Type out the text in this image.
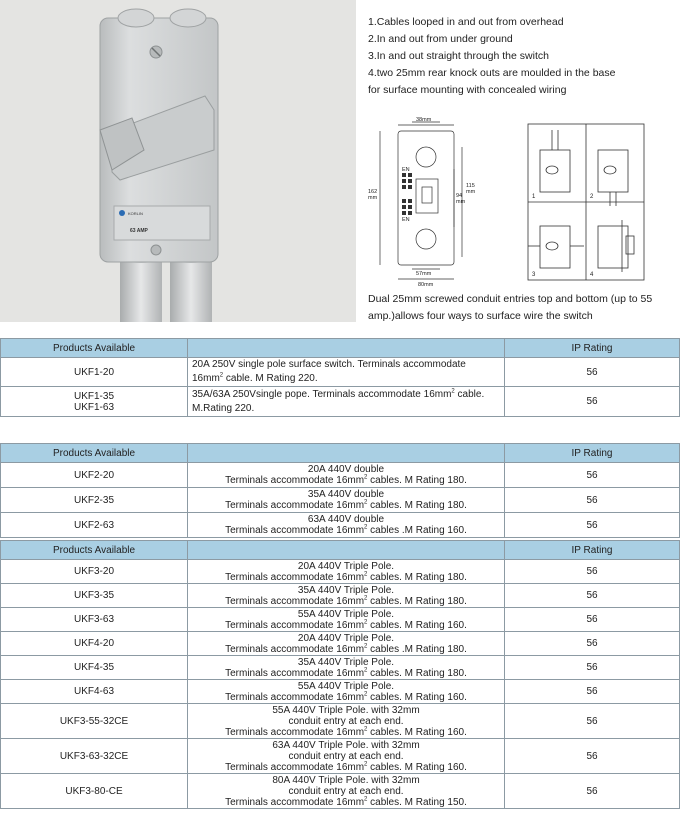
KORLIN
63 AMP
1.Cables looped in and out from overhead
2.In and out from under ground
3.In and out straight through the switch
4.two 25mm rear knock outs are moulded in the base
for surface mounting with concealed wiring
38mm
162
mm
115
mm
94
mm
EN
EN
57mm
80mm
1	2
3	4
Dual 25mm screwed conduit entries top and bottom (up to 55 amp.)allows four ways to surface wire the switch
Products Available		IP Rating
UKF1-20	20A 250V single pole surface switch. Terminals accommodate
$16mm^2$ cable. M Rating 220.	56
UKF1-35
UKF1-63	35A/63A 250Vsingle pope. Terminals accommodate $16mm^2$ cable.
M.Rating 220.	56
Products Available		IP Rating
UKF2-20	20A 440V double
Terminals accommodate $16mm^2$ cables. M Rating 180.	56
UKF2-35	35A 440V double
Terminals accommodate $16mm^2$ cables. M Rating 180.	56
UKF2-63	63A 440V double
Terminals accommodate $16mm^2$ cables .M Rating 160.	56
Products Available		IP Rating
UKF3-20	20A 440V Triple Pole.
Terminals accommodate $16mm^2$ cables. M Rating 180.	56
UKF3-35	35A 440V Triple Pole.
Terminals accommodate $16mm^2$ cables. M Rating 180.	56
UKF3-63	55A 440V Triple Pole.
Terminals accommodate $16mm^2$ cables. M Rating 160.	56
UKF4-20	20A 440V Triple Pole.
Terminals accommodate $16mm^2$ cables .M Rating 180.	56
UKF4-35	35A 440V Triple Pole.
Terminals accommodate $16mm^2$ cables. M Rating 180.	56
UKF4-63	55A 440V Triple Pole.
Terminals accommodate $16mm^2$ cables. M Rating 160.	56
UKF3-55-32CE	55A 440V Triple Pole. with 32mm
conduit entry at each end.
Terminals accommodate $16mm^2$ cables. M Rating 160.	56
UKF3-63-32CE	63A 440V Triple Pole. with 32mm
conduit entry at each end.
Terminals accommodate $16mm^2$ cables. M Rating 160.	56
UKF3-80-CE	80A 440V Triple Pole. with 32mm
conduit entry at each end.
Terminals accommodate $16mm^2$ cables. M Rating 150.	56
